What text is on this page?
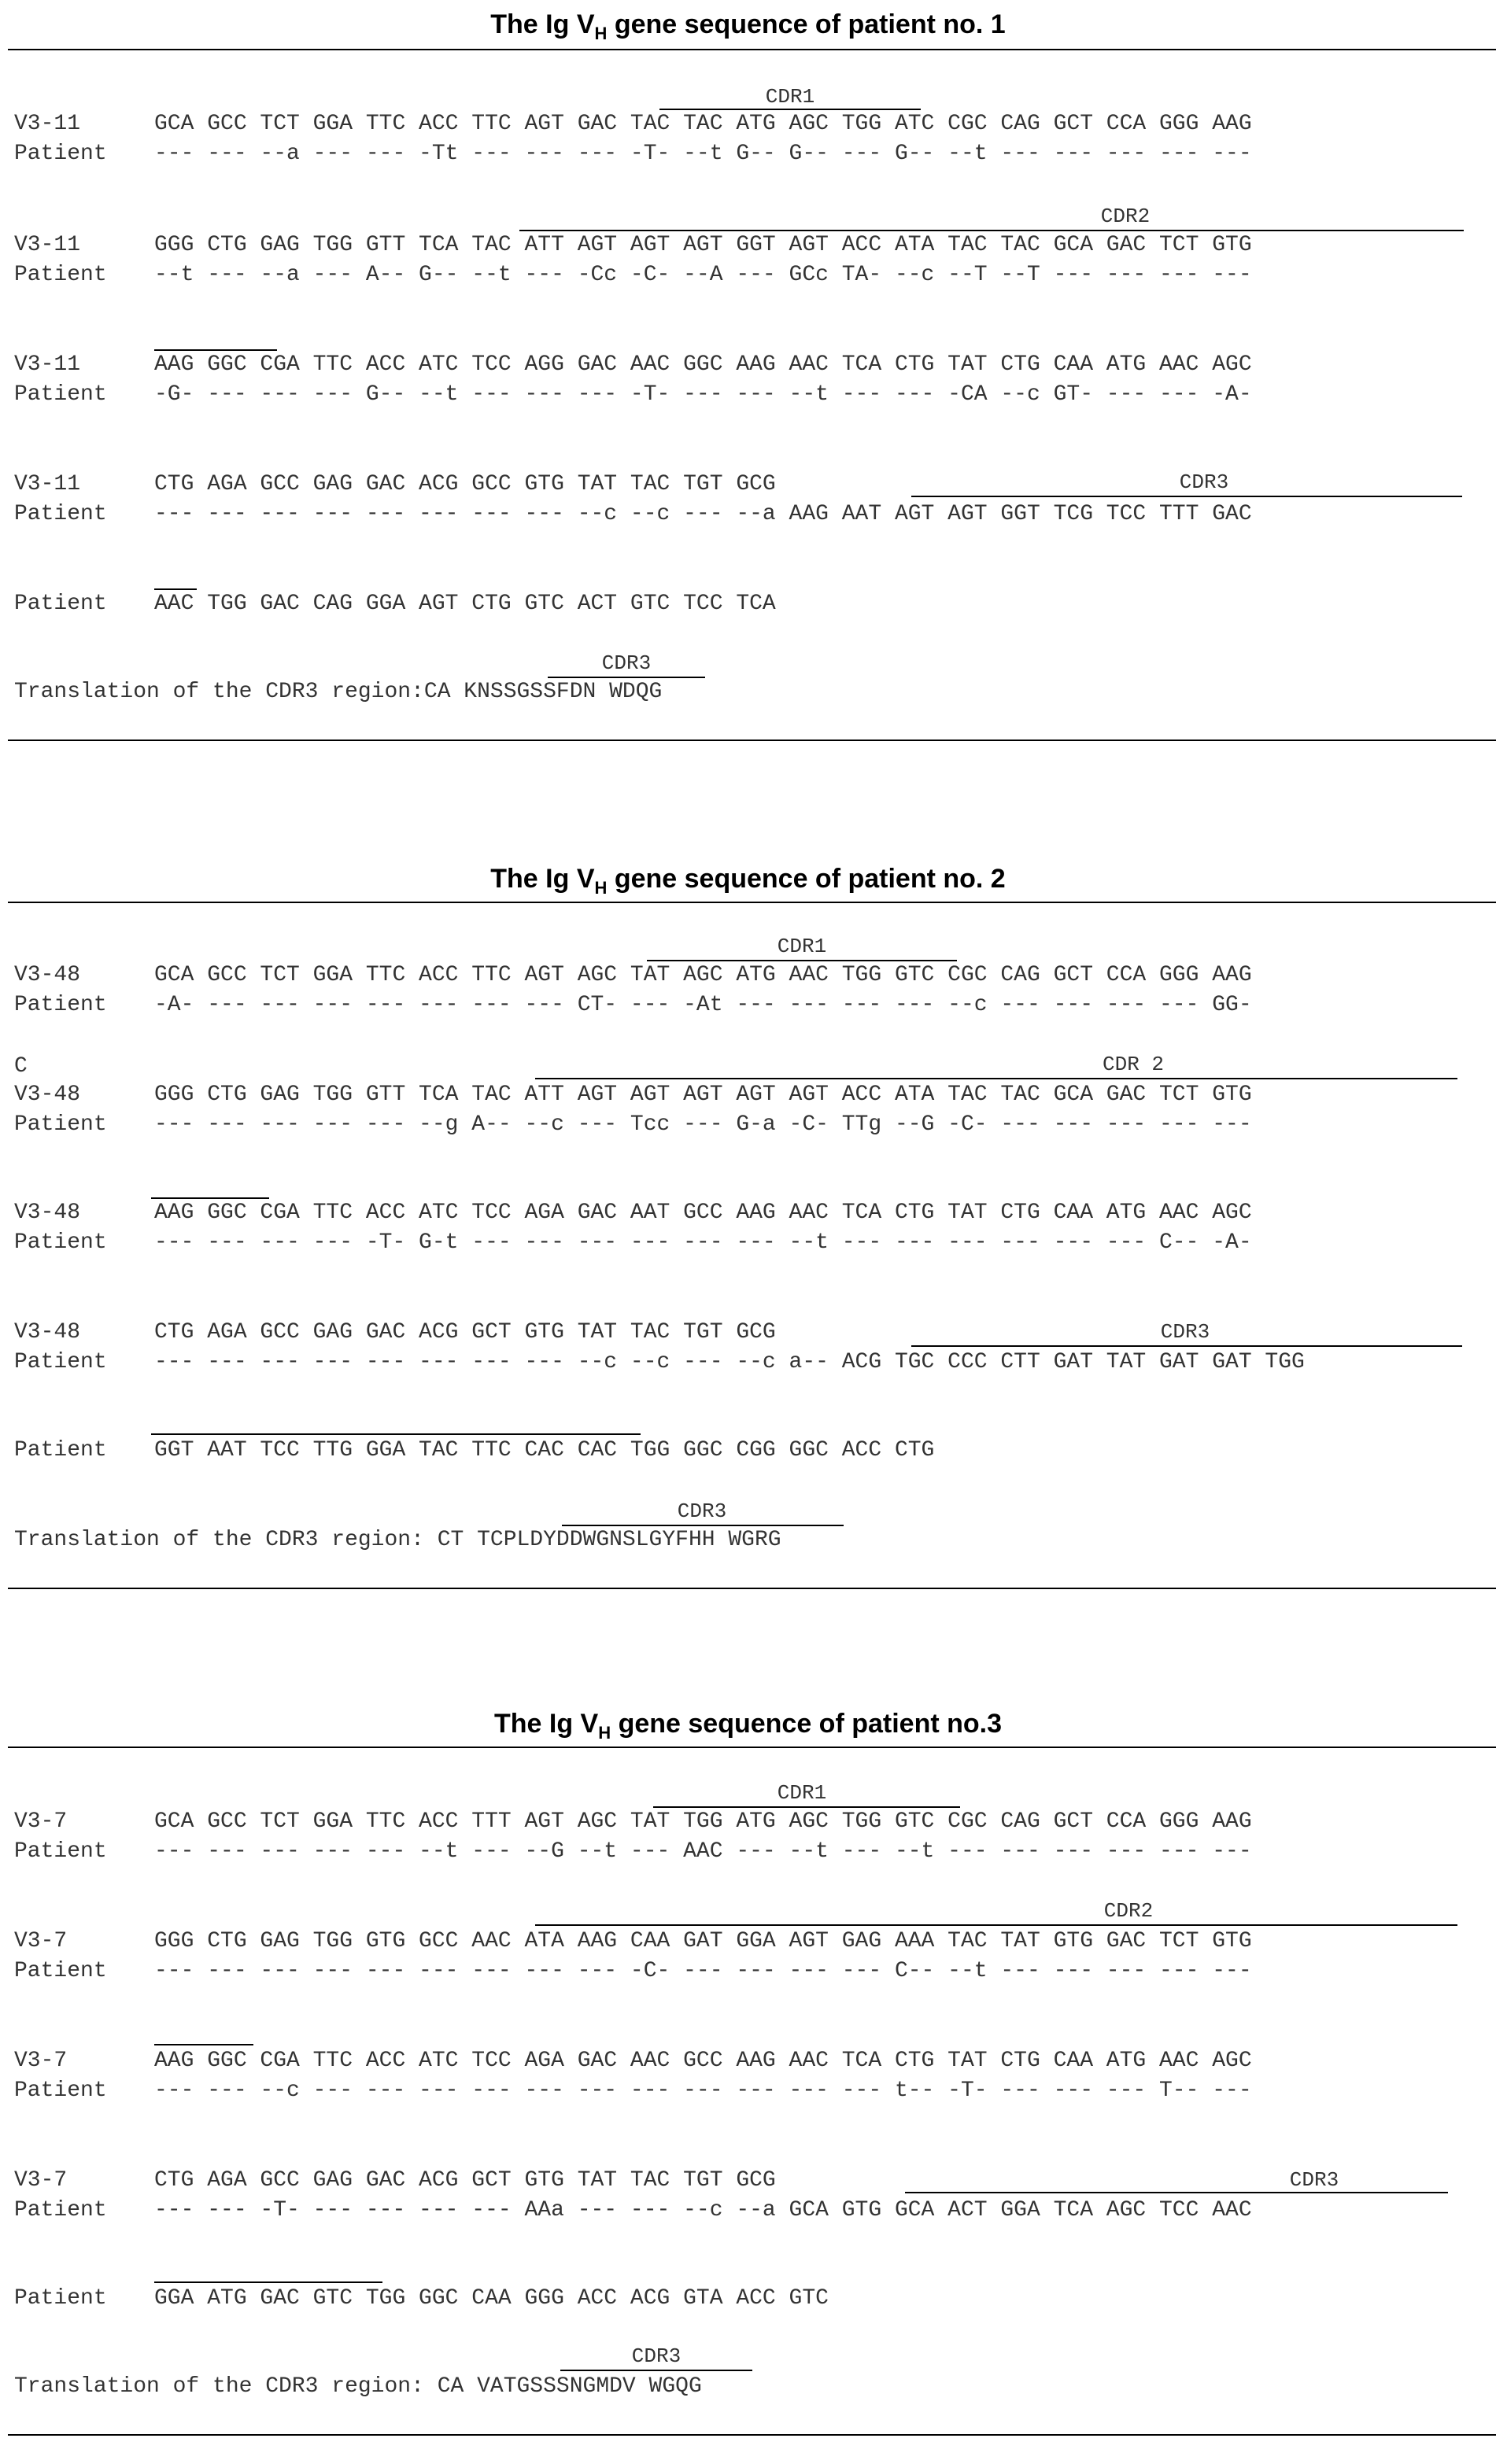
The Ig $V_H$ gene sequence of patient no. 1
CDR1
V3-11	GCA GCC TCT GGA TTC ACC TTC AGT GAC TAC TAC ATG AGC TGG ATC CGC CAG GCT CCA GGG AAG
Patient --- --- --a --- --- -Tt --- --- --- -T- --t G-- G-- --- G-- --t --- --- --- --- ---
CDR2
V3-11	GGG CTG GAG TGG GTT TCA TAC ATT AGT AGT AGT GGT AGT ACC ATA TAC TAC GCA GAC TCT GTG
Patient --t --- --a --- A-- G-- --t --- -Cc -C- --A --- GCc TA- --c --T --T --- --- --- ---
V3-11	AAG GGC CGA TTC ACC ATC TCC AGG GAC AAC GGC AAG AAC TCA CTG TAT CTG CAA ATG AAC AGC
Patient -G- --- --- --- G-- --t --- --- --- -T- --- --- --t --- --- -CA --c GT- --- --- -A-
CDR3
V3-11	CTG AGA GCC GAG GAC ACG GCC GTG TAT TAC TGT GCG
Patient --- --- --- --- --- --- --- --- --c --c --- --a AAG AAT AGT AGT GGT TCG TCC TTT GAC
Patient AAC TGG GAC CAG GGA AGT CTG GTC ACT GTC TCC TCA
CDR3
Translation of the CDR3 region:CA KNSSGSSFDN WDQG
The Ig $V_H$ gene sequence of patient no. 2
CDR1
V3-48	GCA GCC TCT GGA TTC ACC TTC AGT AGC TAT AGC ATG AAC TGG GTC CGC CAG GCT CCA GGG AAG
Patient -A- --- --- --- --- --- --- --- CT- --- -At --- --- --- --- --c --- --- --- --- GG-
C	CDR 2
V3-48	GGG CTG GAG TGG GTT TCA TAC ATT AGT AGT AGT AGT AGT ACC ATA TAC TAC GCA GAC TCT GTG
Patient --- --- --- --- --- --g A-- --c --- Tcc --- G-a -C- TTg --G -C- --- --- --- --- ---
V3-48	AAG GGC CGA TTC ACC ATC TCC AGA GAC AAT GCC AAG AAC TCA CTG TAT CTG CAA ATG AAC AGC
Patient --- --- --- --- -T- G-t --- --- --- --- --- --- --t --- --- --- --- --- --- C-- -A-
CDR3
V3-48	CTG AGA GCC GAG GAC ACG GCT GTG TAT TAC TGT GCG
Patient --- --- --- --- --- --- --- --- --c --c --- --c a-- ACG TGC CCC CTT GAT TAT GAT GAT TGG
Patient GGT AAT TCC TTG GGA TAC TTC CAC CAC TGG GGC CGG GGC ACC CTG
CDR3
Translation of the CDR3 region: CT TCPLDYDDWGNSLGYFHH WGRG
The Ig $V_H$ gene sequence of patient no.3
CDR1
V3-7	GCA GCC TCT GGA TTC ACC TTT AGT AGC TAT TGG ATG AGC TGG GTC CGC CAG GCT CCA GGG AAG
Patient --- --- --- --- --- --t --- --G --t --- AAC --- --t --- --t --- --- --- --- --- ---
CDR2
V3-7	GGG CTG GAG TGG GTG GCC AAC ATA AAG CAA GAT GGA AGT GAG AAA TAC TAT GTG GAC TCT GTG
Patient --- --- --- --- --- --- --- --- --- -C- --- --- --- --- C-- --t --- --- --- --- ---
V3-7	AAG GGC CGA TTC ACC ATC TCC AGA GAC AAC GCC AAG AAC TCA CTG TAT CTG CAA ATG AAC AGC
Patient --- --- --c --- --- --- --- --- --- --- --- --- --- --- t-- -T- --- --- --- T-- ---
CDR3
V3-7	CTG AGA GCC GAG GAC ACG GCT GTG TAT TAC TGT GCG
Patient --- --- -T- --- --- --- --- AAa --- --- --c --a GCA GTG GCA ACT GGA TCA AGC TCC AAC
Patient GGA ATG GAC GTC TGG GGC CAA GGG ACC ACG GTA ACC GTC
CDR3
Translation of the CDR3 region: CA VATGSSSNGMDV WGQG
